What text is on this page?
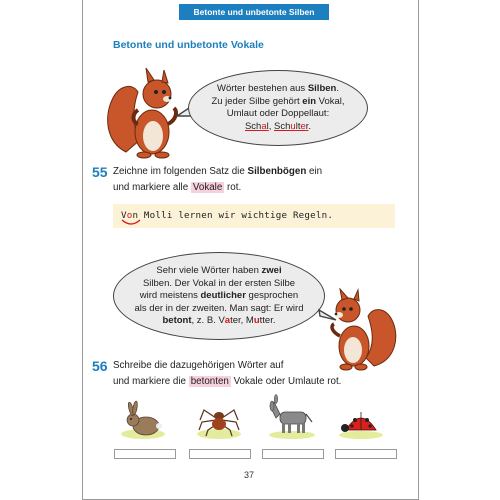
Betonte und unbetonte Silben
Betonte und unbetonte Vokale
Wörter bestehen aus Silben.
Zu jeder Silbe gehört ein Vokal,
Umlaut oder Doppellaut:
Schal, Schulter.
55 Zeichne im folgenden Satz die Silbenbögen ein
und markiere alle Vokale rot.
Von Molli lernen wir wichtige Regeln.
Sehr viele Wörter haben zwei
Silben. Der Vokal in der ersten Silbe
wird meistens deutlicher gesprochen
als der in der zweiten. Man sagt: Er wird
betont, z. B. Vater, Mutter.
56 Schreibe die dazugehörigen Wörter auf
und markiere die betonten Vokale oder Umlaute rot.
37
